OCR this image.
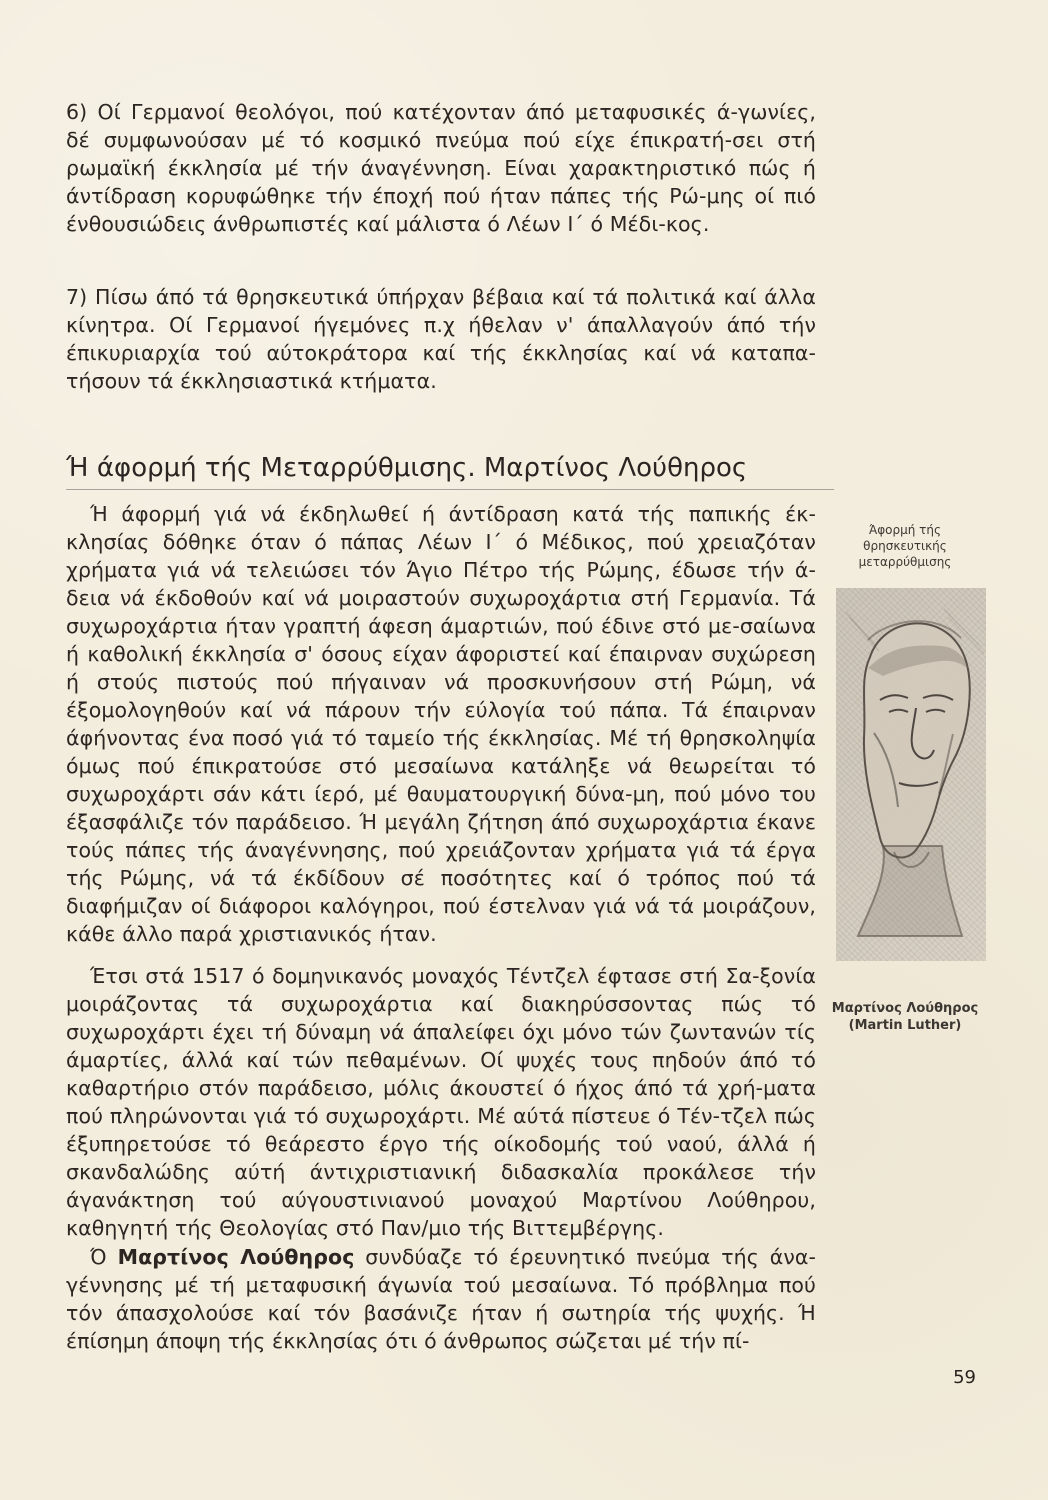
6) Οί Γερμανοί θεολόγοι, πού κατέχονταν άπό μεταφυσικές ά-γωνίες, δέ συμφωνούσαν μέ τό κοσμικό πνεύμα πού είχε έπικρατή-σει στή ρωμαϊκή έκκλησία μέ τήν άναγέννηση. Είναι χαρακτηριστικό πώς ή άντίδραση κορυφώθηκε τήν έποχή πού ήταν πάπες τής Ρώ-μης οί πιό ένθουσιώδεις άνθρωπιστές καί μάλιστα ό Λέων Ι΄ ό Μέδι-κος.

7) Πίσω άπό τά θρησκευτικά ύπήρχαν βέβαια καί τά πολιτικά καί άλλα κίνητρα. Οί Γερμανοί ήγεμόνες π.χ ήθελαν ν' άπαλλαγούν άπό τήν έπικυριαρχία τού αύτοκράτορα καί τής έκκλησίας καί νά καταπα-τήσουν τά έκκλησιαστικά κτήματα.

Ή άφορμή τής Μεταρρύθμισης. Μαρτίνος Λούθηρος

Ή άφορμή γιά νά έκδηλωθεί ή άντίδραση κατά τής παπικής έκ-κλησίας δόθηκε όταν ό πάπας Λέων Ι΄ ό Μέδικος, πού χρειαζόταν χρήματα γιά νά τελειώσει τόν Άγιο Πέτρο τής Ρώμης, έδωσε τήν ά-δεια νά έκδοθούν καί νά μοιραστούν συχωροχάρτια στή Γερμανία. Τά συχωροχάρτια ήταν γραπτή άφεση άμαρτιών, πού έδινε στό με-σαίωνα ή καθολική έκκλησία σ' όσους είχαν άφοριστεί καί έπαιρναν συχώρεση ή στούς πιστούς πού πήγαιναν νά προσκυνήσουν στή Ρώμη, νά έξομολογηθούν καί νά πάρουν τήν εύλογία τού πάπα. Τά έπαιρναν άφήνοντας ένα ποσό γιά τό ταμείο τής έκκλησίας. Μέ τή θρησκοληψία όμως πού έπικρατούσε στό μεσαίωνα κατάληξε νά θεωρείται τό συχωροχάρτι σάν κάτι ίερό, μέ θαυματουργική δύνα-μη, πού μόνο του έξασφάλιζε τόν παράδεισο. Ή μεγάλη ζήτηση άπό συχωροχάρτια έκανε τούς πάπες τής άναγέννησης, πού χρειάζονταν χρήματα γιά τά έργα τής Ρώμης, νά τά έκδίδουν σέ ποσότητες καί ό τρόπος πού τά διαφήμιζαν οί διάφοροι καλόγηροι, πού έστελναν γιά νά τά μοιράζουν, κάθε άλλο παρά χριστιανικός ήταν.

Έτσι στά 1517 ό δομηνικανός μοναχός Τέντζελ έφτασε στή Σα-ξονία μοιράζοντας τά συχωροχάρτια καί διακηρύσσοντας πώς τό συχωροχάρτι έχει τή δύναμη νά άπαλείφει όχι μόνο τών ζωντανών τίς άμαρτίες, άλλά καί τών πεθαμένων. Οί ψυχές τους πηδούν άπό τό καθαρτήριο στόν παράδεισο, μόλις άκουστεί ό ήχος άπό τά χρή-ματα πού πληρώνονται γιά τό συχωροχάρτι. Μέ αύτά πίστευε ό Τέν-τζελ πώς έξυπηρετούσε τό θεάρεστο έργο τής οίκοδομής τού ναού, άλλά ή σκανδαλώδης αύτή άντιχριστιανική διδασκαλία προκάλεσε τήν άγανάκτηση τού αύγουστινιανού μοναχού Μαρτίνου Λούθηρου, καθηγητή τής Θεολογίας στό Παν/μιο τής Βιττεμβέργης.

Ό Μαρτίνος Λούθηρος συνδύαζε τό έρευνητικό πνεύμα τής άνα-γέννησης μέ τή μεταφυσική άγωνία τού μεσαίωνα. Τό πρόβλημα πού τόν άπασχολούσε καί τόν βασάνιζε ήταν ή σωτηρία τής ψυχής. Ή έπίσημη άποψη τής έκκλησίας ότι ό άνθρωπος σώζεται μέ τήν πί-

Άφορμή τής
θρησκευτικής
μεταρρύθμισης
Μαρτίνος Λούθηρος
(Martin Luther)
59
